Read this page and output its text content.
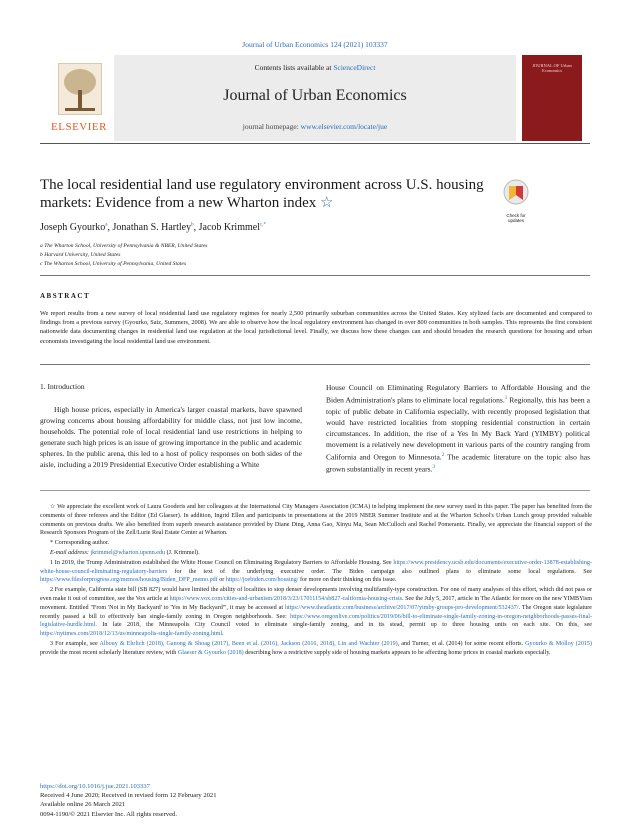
Journal of Urban Economics 124 (2021) 103337
ELSEVIER
Contents lists available at ScienceDirect
Journal of Urban Economics
journal homepage: www.elsevier.com/locate/jue
JOURNAL OF Urban Economics
The local residential land use regulatory environment across U.S. housing markets: Evidence from a new Wharton index ☆
Check for updates
Joseph Gyourko$^a$, Jonathan S. Hartley$^b$, Jacob Krimmel$^{c,*}$
a The Wharton School, University of Pennsylvania & NBER, United States
b Harvard University, United States
c The Wharton School, University of Pennsylvania, United States
ABSTRACT
We report results from a new survey of local residential land use regulatory regimes for nearly 2,500 primarily suburban communities across the United States. Key stylized facts are documented and compared to findings from a previous survey (Gyourko, Saiz, Summers, 2008). We are able to observe how the local regulatory environment has changed in over 800 communities in both samples. This represents the first consistent nationwide data documenting changes in residential land use regulation at the local jurisdictional level. Finally, we discuss how these changes can and should broaden the research questions for housing and urban economists investigating the local residential land use environment.
1. Introduction

High house prices, especially in America's larger coastal markets, have spawned growing concerns about housing affordability for middle class, not just low income, households. The potential role of local residential land use restrictions in helping to generate such high prices is an issue of growing importance in the public and academic spheres. In the public arena, this led to a host of policy responses on both sides of the aisle, including a 2019 Presidential Executive Order establishing a White

House Council on Eliminating Regulatory Barriers to Affordable Housing and the Biden Administration's plans to eliminate local regulations.$^1$ Regionally, this has been a topic of public debate in California especially, with recently proposed legislation that would have restricted localities from stopping residential construction in certain circumstances. In addition, the rise of a Yes In My Back Yard (YIMBY) political movement is a relatively new development in various parts of the country ranging from California and Oregon to Minnesota.$^2$ The academic literature on the topic also has grown substantially in recent years.$^3$

☆ We appreciate the excellent work of Laura Gooderis and her colleagues at the International City Managers Association (ICMA) in helping implement the new survey used in this paper. The paper has benefited from the comments of three referees and the Editor (Ed Glaeser). In addition, Ingrid Ellen and participants in presentations at the 2019 NBER Summer Institute and at the Wharton School's Urban Lunch group provided valuable comments on previous drafts. We also benefited from superb research assistance provided by Diane Ding, Anna Gao, Xinyu Ma, Sean McCulloch and Rachel Pomerantz. Finally, we appreciate the financial support of the Research Sponsors Program of the Zell/Lurie Real Estate Center at Wharton.

* Corresponding author.

E-mail address: jkrimmel@wharton.upenn.edu (J. Krimmel).

1 In 2019, the Trump Administration established the White House Council on Eliminating Regulatory Barriers to Affordable Housing. See https://www.presidency.ucsb.edu/documents/executive-order-13878-establishing-white-house-council-eliminating-regulatory-barriers for the text of the underlying executive order. The Biden campaign also outlined plans to eliminate some local regulations. See https://www.filesforprogress.org/memos/housing/Biden_DFP_memo.pdf or https://joebiden.com/housing/ for more on their thinking on this issue.

2 For example, California state bill (SB 827) would have limited the ability of localities to stop denser developments involving multifamily-type construction. For one of many analyses of this effort, which did not pass or even make it out of committee, see the Vox article at https://www.vox.com/cities-and-urbanism/2018/3/23/17011154/sb827-california-housing-crisis. See the July 5, 2017, article in The Atlantic for more on the new YIMBYism movement. Entitled "From 'Not in My Backyard' to 'Yes in My Backyard'", it may be accessed at https://www.theatlantic.com/business/archive/2017/07/yimby-groups-pro-development/532437/. The Oregon state legislature recently passed a bill to effectively ban single-family zoning in Oregon neighborhoods. See: https://www.oregonlive.com/politics/2019/06/bill-to-eliminate-single-family-zoning-in-oregon-neighborhoods-passes-final-legislative-hurdle.html. In late 2018, the Minneapolis City Council voted to eliminate single-family zoning, and in its stead, permit up to three housing units on each site. On this, see https://nytimes.com/2018/12/13/us/minneapolis-single-family-zoning.html.

3 For example, see Albouy & Ehrlich (2018), Ganong & Shoag (2017), Been et al. (2016), Jackson (2016, 2018), Lin and Wachter (2019), and Turner, et al. (2014) for some recent efforts. Gyourko & Molloy (2015) provide the most recent scholarly literature review, with Glaeser & Gyourko (2018) describing how a restrictive supply side of housing markets appears to be affecting home prices in coastal markets especially.

https://doi.org/10.1016/j.jue.2021.103337
Received 4 June 2020; Received in revised form 12 February 2021
Available online 26 March 2021
0094-1190/© 2021 Elsevier Inc. All rights reserved.
